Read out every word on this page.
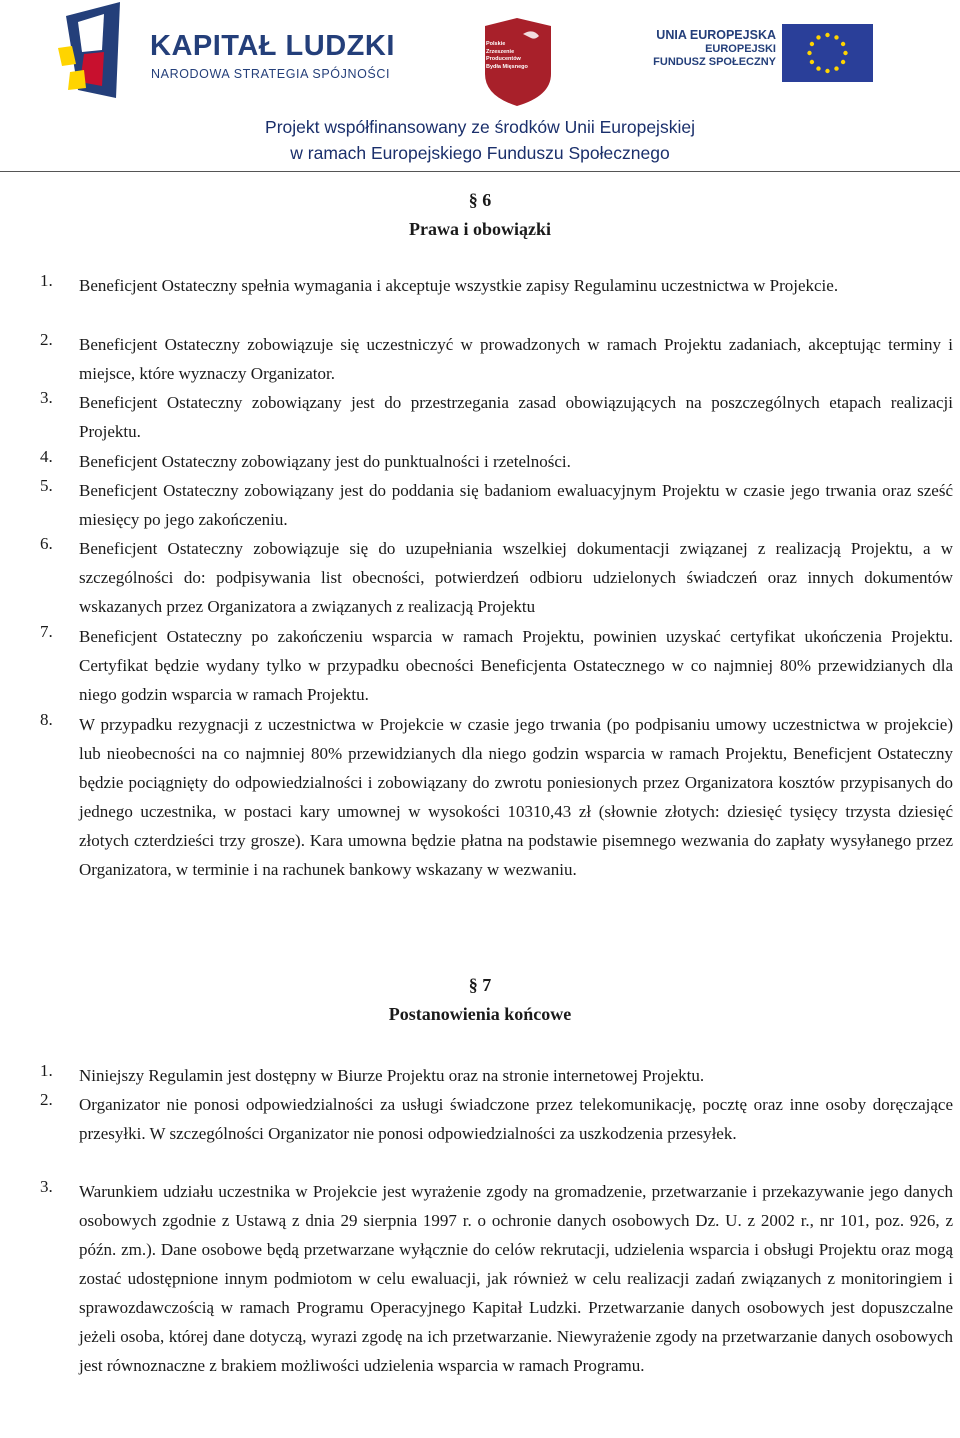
KAPITAŁ LUDZKI
NARODOWA STRATEGIA SPÓJNOŚCI
Polskie
Zrzeszenie
Producentów
Bydła Mięsnego
UNIA EUROPEJSKA
EUROPEJSKI
FUNDUSZ SPOŁECZNY
Projekt współfinansowany ze środków Unii Europejskiej
w ramach Europejskiego Funduszu Społecznego
§ 6
Prawa i obowiązki
1. Beneficjent Ostateczny spełnia wymagania i akceptuje wszystkie zapisy Regulaminu uczestnictwa w Projekcie.
2. Beneficjent Ostateczny zobowiązuje się uczestniczyć w prowadzonych w ramach Projektu zadaniach, akceptując terminy i miejsce, które wyznaczy Organizator.
3. Beneficjent Ostateczny zobowiązany jest do przestrzegania zasad obowiązujących na poszczególnych etapach realizacji Projektu.
4. Beneficjent Ostateczny zobowiązany jest do punktualności i rzetelności.
5. Beneficjent Ostateczny zobowiązany jest do poddania się badaniom ewaluacyjnym Projektu w czasie jego trwania oraz sześć miesięcy po jego zakończeniu.
6. Beneficjent Ostateczny zobowiązuje się do uzupełniania wszelkiej dokumentacji związanej z realizacją Projektu, a w szczególności do: podpisywania list obecności, potwierdzeń odbioru udzielonych świadczeń oraz innych dokumentów wskazanych przez Organizatora a związanych z realizacją Projektu
7. Beneficjent Ostateczny po zakończeniu wsparcia w ramach Projektu, powinien uzyskać certyfikat ukończenia Projektu. Certyfikat będzie wydany tylko w przypadku obecności Beneficjenta Ostatecznego w co najmniej 80% przewidzianych dla niego godzin wsparcia w ramach Projektu.
8. W przypadku rezygnacji z uczestnictwa w Projekcie w czasie jego trwania (po podpisaniu umowy uczestnictwa w projekcie) lub nieobecności na co najmniej 80% przewidzianych dla niego godzin wsparcia w ramach Projektu, Beneficjent Ostateczny będzie pociągnięty do odpowiedzialności i zobowiązany do zwrotu poniesionych przez Organizatora kosztów przypisanych do jednego uczestnika, w postaci kary umownej w wysokości 10310,43 zł (słownie złotych: dziesięć tysięcy trzysta dziesięć złotych czterdzieści trzy grosze). Kara umowna będzie płatna na podstawie pisemnego wezwania do zapłaty wysyłanego przez Organizatora, w terminie i na rachunek bankowy wskazany w wezwaniu.
§ 7
Postanowienia końcowe
1. Niniejszy Regulamin jest dostępny w Biurze Projektu oraz na stronie internetowej Projektu.
2. Organizator nie ponosi odpowiedzialności za usługi świadczone przez telekomunikację, pocztę oraz inne osoby doręczające przesyłki. W szczególności Organizator nie ponosi odpowiedzialności za uszkodzenia przesyłek.
3. Warunkiem udziału uczestnika w Projekcie jest wyrażenie zgody na gromadzenie, przetwarzanie i przekazywanie jego danych osobowych zgodnie z Ustawą z dnia 29 sierpnia 1997 r. o ochronie danych osobowych Dz. U. z 2002 r., nr 101, poz. 926, z późn. zm.). Dane osobowe będą przetwarzane wyłącznie do celów rekrutacji, udzielenia wsparcia i obsługi Projektu oraz mogą zostać udostępnione innym podmiotom w celu ewaluacji, jak również w celu realizacji zadań związanych z monitoringiem i sprawozdawczością w ramach Programu Operacyjnego Kapitał Ludzki. Przetwarzanie danych osobowych jest dopuszczalne jeżeli osoba, której dane dotyczą, wyrazi zgodę na ich przetwarzanie. Niewyrażenie zgody na przetwarzanie danych osobowych jest równoznaczne z brakiem możliwości udzielenia wsparcia w ramach Programu.
